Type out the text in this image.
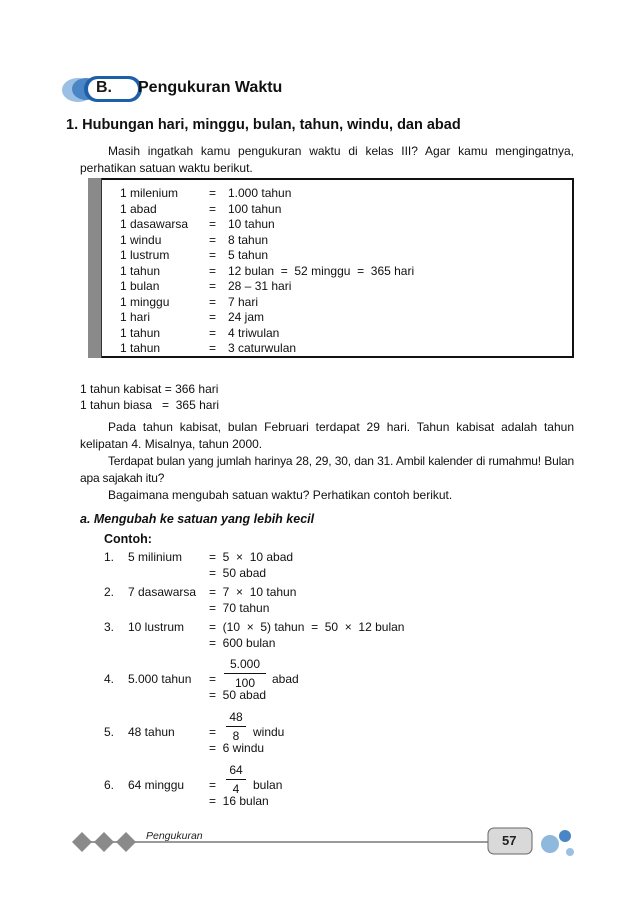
B. Pengukuran Waktu
1. Hubungan hari, minggu, bulan, tahun, windu, dan abad
Masih ingatkah kamu pengukuran waktu di kelas III? Agar kamu mengingatnya, perhatikan satuan waktu berikut.
1 milenium	= 1.000 tahun
1 abad	= 100 tahun
1 dasawarsa = 10 tahun
1 windu	= 8 tahun
1 lustrum	= 5 tahun
1 tahun	= 12 bulan  =  52 minggu  =  365 hari
1 bulan	= 28 – 31 hari
1 minggu	= 7 hari
1 hari	= 24 jam
1 tahun	= 4 triwulan
1 tahun	= 3 caturwulan
1 tahun kabisat = 366 hari
1 tahun biasa   =  365 hari
Pada tahun kabisat, bulan Februari terdapat 29 hari. Tahun kabisat adalah tahun kelipatan 4. Misalnya, tahun 2000.
Terdapat bulan yang jumlah harinya 28, 29, 30, dan 31. Ambil kalender di rumahmu! Bulan apa sajakah itu?
Bagaimana mengubah satuan waktu? Perhatikan contoh berikut.
a. Mengubah ke satuan yang lebih kecil
Contoh:
1. 5 milinium =  5  ×  10 abad
=  50 abad
2. 7 dasawarsa =  7  ×  10 tahun
=  70 tahun
3. 10 lustrum =  (10  ×  5) tahun  =  50  ×  12 bulan
=  600 bulan
4. 5.000 tahun =
5.000
100	abad
=  50 abad
5. 48 tahun	=
48
8	windu
=  6 windu
6. 64 minggu =
64
4	bulan
=  16 bulan
Pengukuran	57
